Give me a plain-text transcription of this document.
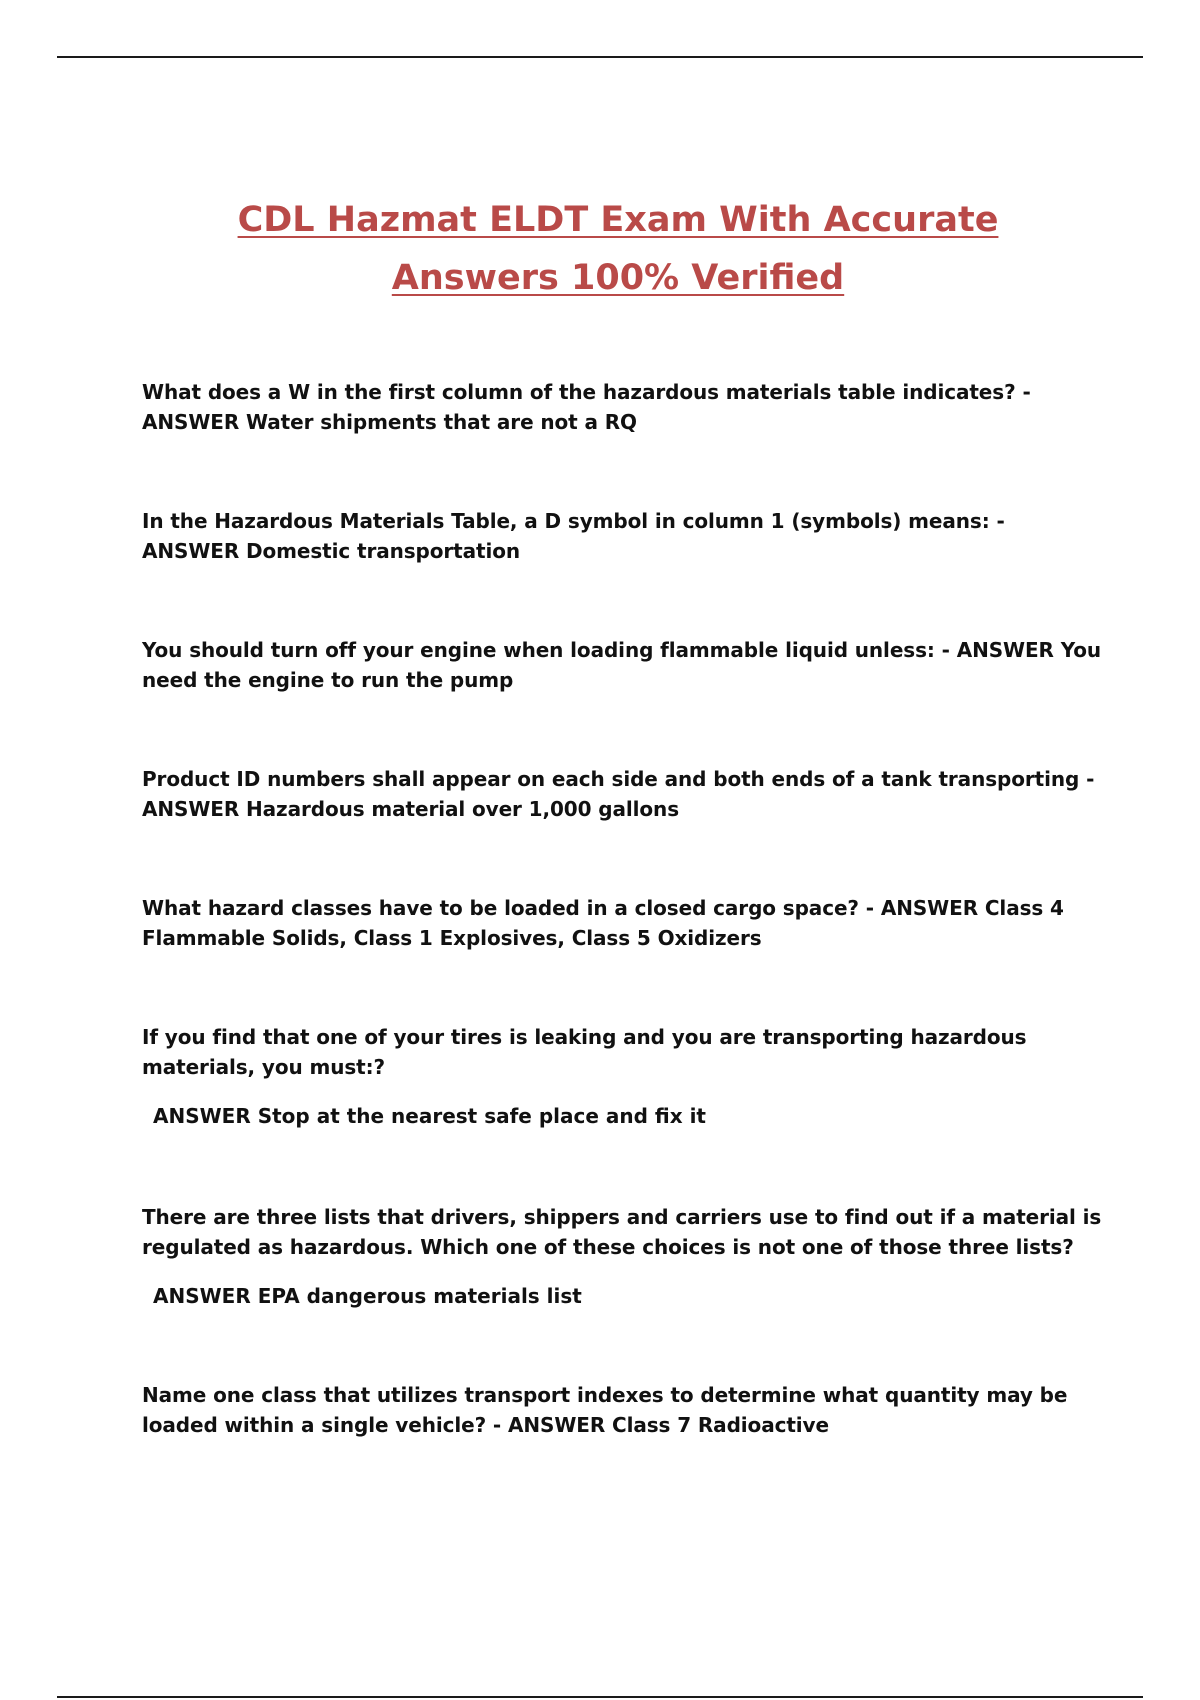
CDL Hazmat ELDT Exam With Accurate
Answers 100% Verified
What does a W in the first column of the hazardous materials table indicates? - ANSWER Water shipments that are not a RQ
In the Hazardous Materials Table, a D symbol in column 1 (symbols) means: - ANSWER Domestic transportation
You should turn off your engine when loading flammable liquid unless: - ANSWER You need the engine to run the pump
Product ID numbers shall appear on each side and both ends of a tank transporting - ANSWER Hazardous material over 1,000 gallons
What hazard classes have to be loaded in a closed cargo space? - ANSWER Class 4 Flammable Solids, Class 1 Explosives, Class 5 Oxidizers
If you find that one of your tires is leaking and you are transporting hazardous materials, you must:?
ANSWER Stop at the nearest safe place and fix it
There are three lists that drivers, shippers and carriers use to find out if a material is regulated as hazardous. Which one of these choices is not one of those three lists?
ANSWER EPA dangerous materials list
Name one class that utilizes transport indexes to determine what quantity may be loaded within a single vehicle? - ANSWER Class 7 Radioactive
